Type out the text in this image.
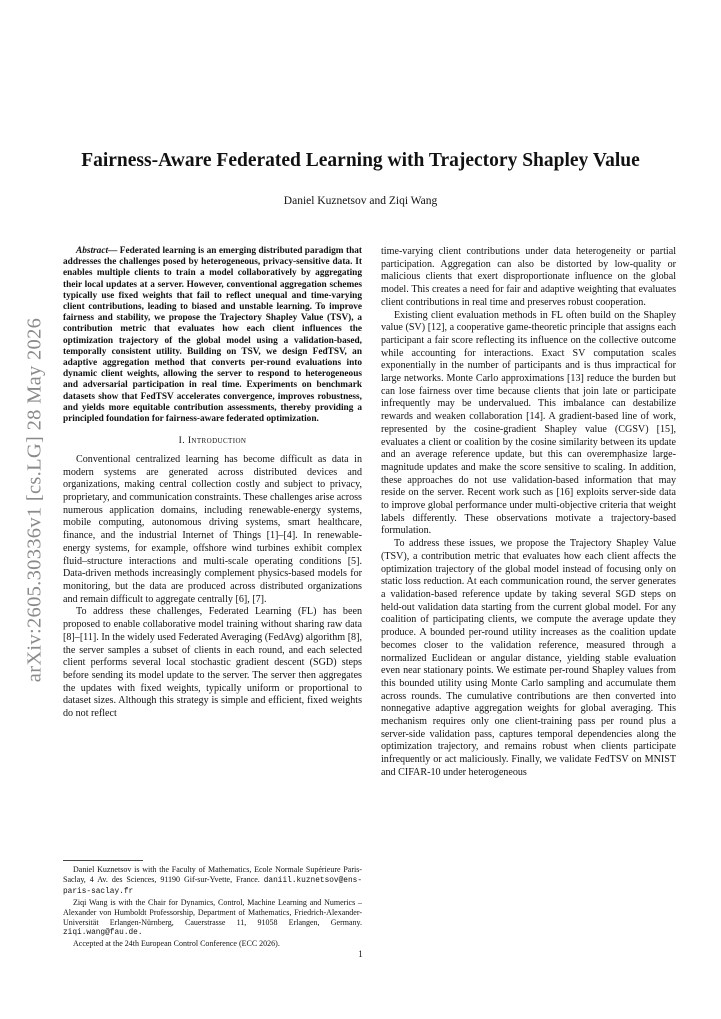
arXiv:2605.30336v1 [cs.LG] 28 May 2026
Fairness-Aware Federated Learning with Trajectory Shapley Value
Daniel Kuznetsov and Ziqi Wang

Abstract— Federated learning is an emerging distributed paradigm that addresses the challenges posed by heterogeneous, privacy-sensitive data. It enables multiple clients to train a model collaboratively by aggregating their local updates at a server. However, conventional aggregation schemes typically use fixed weights that fail to reflect unequal and time-varying client contributions, leading to biased and unstable learning. To improve fairness and stability, we propose the Trajectory Shapley Value (TSV), a contribution metric that evaluates how each client influences the optimization trajectory of the global model using a validation-based, temporally consistent utility. Building on TSV, we design FedTSV, an adaptive aggregation method that converts per-round evaluations into dynamic client weights, allowing the server to respond to heterogeneous and adversarial participation in real time. Experiments on benchmark datasets show that FedTSV accelerates convergence, improves robustness, and yields more equitable contribution assessments, thereby providing a principled foundation for fairness-aware federated optimization.

I. Introduction

Conventional centralized learning has become difficult as data in modern systems are generated across distributed devices and organizations, making central collection costly and subject to privacy, proprietary, and communication constraints. These challenges arise across numerous application domains, including renewable-energy systems, mobile computing, autonomous driving systems, smart healthcare, finance, and the industrial Internet of Things [1]–[4]. In renewable-energy systems, for example, offshore wind turbines exhibit complex fluid–structure interactions and multi-scale operating conditions [5]. Data-driven methods increasingly complement physics-based models for monitoring, but the data are produced across distributed organizations and remain difficult to aggregate centrally [6], [7].

To address these challenges, Federated Learning (FL) has been proposed to enable collaborative model training without sharing raw data [8]–[11]. In the widely used Federated Averaging (FedAvg) algorithm [8], the server samples a subset of clients in each round, and each selected client performs several local stochastic gradient descent (SGD) steps before sending its model update to the server. The server then aggregates the updates with fixed weights, typically uniform or proportional to dataset sizes. Although this strategy is simple and efficient, fixed weights do not reflect

Daniel Kuznetsov is with the Faculty of Mathematics, Ecole Normale Supérieure Paris-Saclay, 4 Av. des Sciences, 91190 Gif-sur-Yvette, France. daniil.kuznetsov@ens-paris-saclay.fr

Ziqi Wang is with the Chair for Dynamics, Control, Machine Learning and Numerics – Alexander von Humboldt Professorship, Department of Mathematics, Friedrich-Alexander-Universität Erlangen-Nürnberg, Cauerstrasse 11, 91058 Erlangen, Germany. ziqi.wang@fau.de.

Accepted at the 24th European Control Conference (ECC 2026).

time-varying client contributions under data heterogeneity or partial participation. Aggregation can also be distorted by low-quality or malicious clients that exert disproportionate influence on the global model. This creates a need for fair and adaptive weighting that evaluates client contributions in real time and preserves robust cooperation.

Existing client evaluation methods in FL often build on the Shapley value (SV) [12], a cooperative game-theoretic principle that assigns each participant a fair score reflecting its influence on the collective outcome while accounting for interactions. Exact SV computation scales exponentially in the number of participants and is thus impractical for large networks. Monte Carlo approximations [13] reduce the burden but can lose fairness over time because clients that join late or participate infrequently may be undervalued. This imbalance can destabilize rewards and weaken collaboration [14]. A gradient-based line of work, represented by the cosine-gradient Shapley value (CGSV) [15], evaluates a client or coalition by the cosine similarity between its update and an average reference update, but this can overemphasize large-magnitude updates and make the score sensitive to scaling. In addition, these approaches do not use validation-based information that may reside on the server. Recent work such as [16] exploits server-side data to improve global performance under multi-objective criteria that weight labels differently. These observations motivate a trajectory-based formulation.

To address these issues, we propose the Trajectory Shapley Value (TSV), a contribution metric that evaluates how each client affects the optimization trajectory of the global model instead of focusing only on static loss reduction. At each communication round, the server generates a validation-based reference update by taking several SGD steps on held-out validation data starting from the current global model. For any coalition of participating clients, we compute the average update they produce. A bounded per-round utility increases as the coalition update becomes closer to the validation reference, measured through a normalized Euclidean or angular distance, yielding stable evaluation even near stationary points. We estimate per-round Shapley values from this bounded utility using Monte Carlo sampling and accumulate them across rounds. The cumulative contributions are then converted into nonnegative adaptive aggregation weights for global averaging. This mechanism requires only one client-training pass per round plus a server-side validation pass, captures temporal dependencies along the optimization trajectory, and remains robust when clients participate infrequently or act maliciously. Finally, we validate FedTSV on MNIST and CIFAR-10 under heterogeneous

1
